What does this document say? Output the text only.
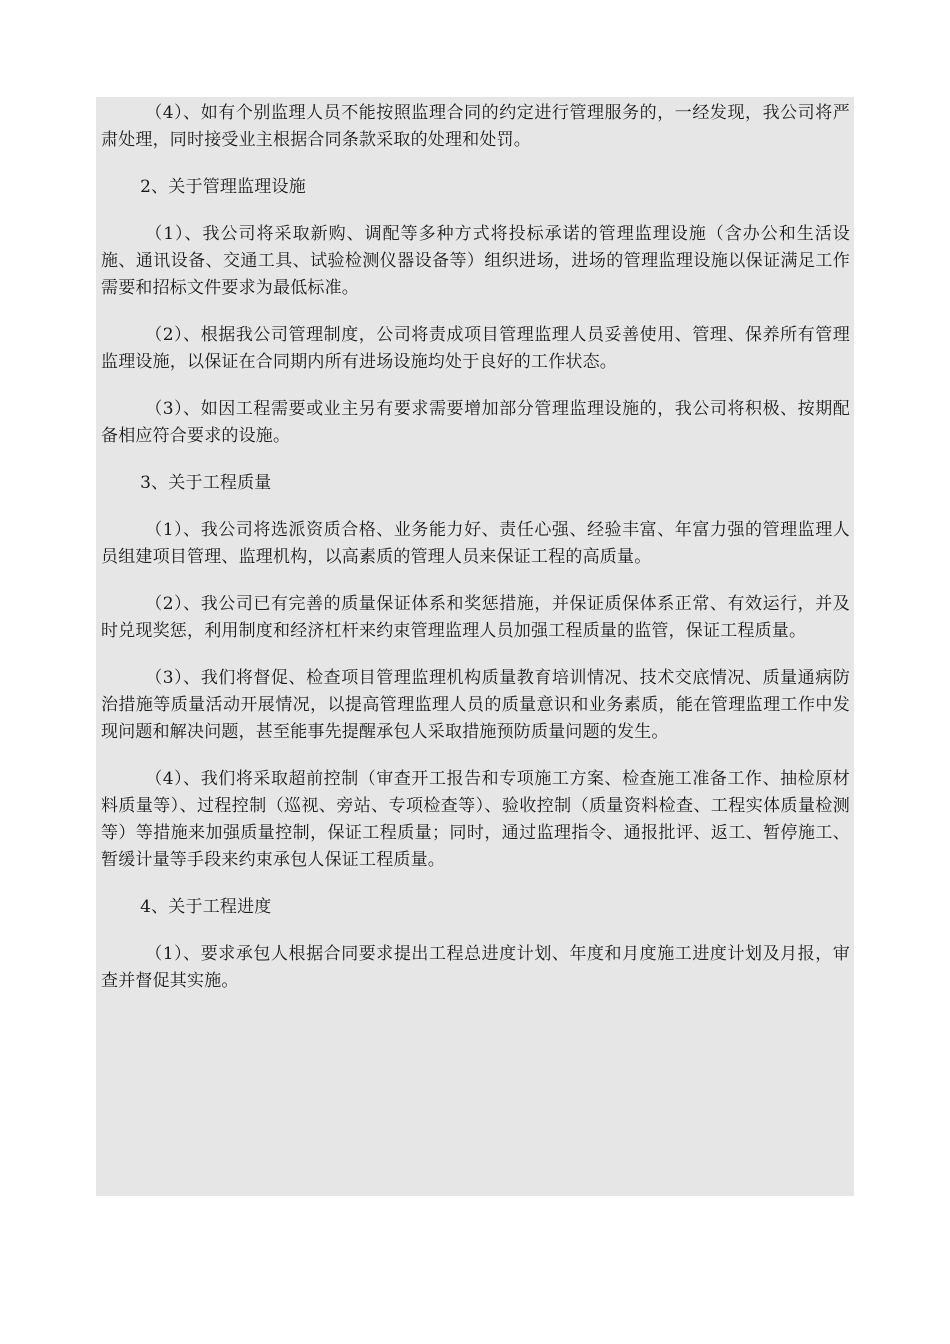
（4）、如有个别监理人员不能按照监理合同的约定进行管理服务的，一经发现，我公司将严肃处理，同时接受业主根据合同条款采取的处理和处罚。

2、关于管理监理设施

（1）、我公司将采取新购、调配等多种方式将投标承诺的管理监理设施（含办公和生活设施、通讯设备、交通工具、试验检测仪器设备等）组织进场，进场的管理监理设施以保证满足工作需要和招标文件要求为最低标准。

（2）、根据我公司管理制度，公司将责成项目管理监理人员妥善使用、管理、保养所有管理监理设施，以保证在合同期内所有进场设施均处于良好的工作状态。

（3）、如因工程需要或业主另有要求需要增加部分管理监理设施的，我公司将积极、按期配备相应符合要求的设施。

3、关于工程质量

（1）、我公司将选派资质合格、业务能力好、责任心强、经验丰富、年富力强的管理监理人员组建项目管理、监理机构，以高素质的管理人员来保证工程的高质量。

（2）、我公司已有完善的质量保证体系和奖惩措施，并保证质保体系正常、有效运行，并及时兑现奖惩，利用制度和经济杠杆来约束管理监理人员加强工程质量的监管，保证工程质量。

（3）、我们将督促、检查项目管理监理机构质量教育培训情况、技术交底情况、质量通病防治措施等质量活动开展情况，以提高管理监理人员的质量意识和业务素质，能在管理监理工作中发现问题和解决问题，甚至能事先提醒承包人采取措施预防质量问题的发生。

（4）、我们将采取超前控制（审查开工报告和专项施工方案、检查施工准备工作、抽检原材料质量等）、过程控制（巡视、旁站、专项检查等）、验收控制（质量资料检查、工程实体质量检测等）等措施来加强质量控制，保证工程质量；同时，通过监理指令、通报批评、返工、暂停施工、暂缓计量等手段来约束承包人保证工程质量。

4、关于工程进度

（1）、要求承包人根据合同要求提出工程总进度计划、年度和月度施工进度计划及月报，审查并督促其实施。
